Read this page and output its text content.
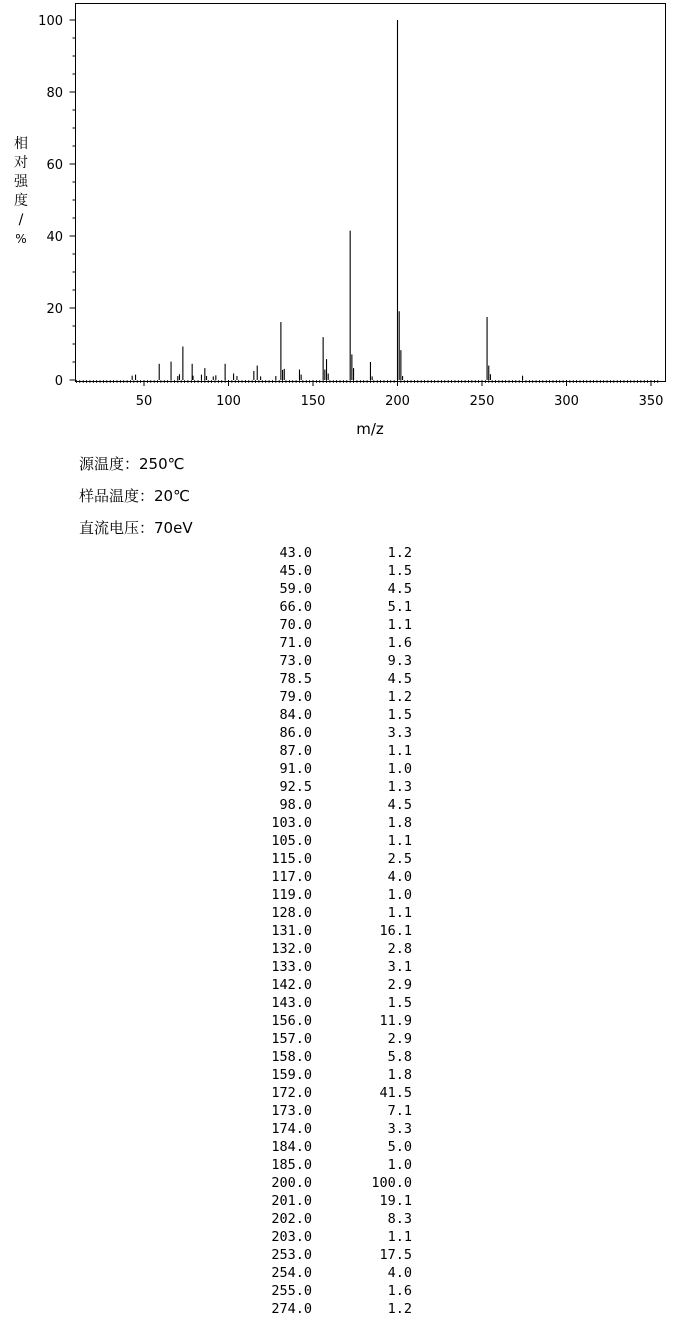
50	100	150	200	250	300	350
0
20
40
60
80
100
m/z
相对强度/ %
源温度：250℃
样品温度：20℃
直流电压：70eV
43.0	1.2
45.0	1.5
59.0	4.5
66.0	5.1
70.0	1.1
71.0	1.6
73.0	9.3
78.5	4.5
79.0	1.2
84.0	1.5
86.0	3.3
87.0	1.1
91.0	1.0
92.5	1.3
98.0	4.5
103.0	1.8
105.0	1.1
115.0	2.5
117.0	4.0
119.0	1.0
128.0	1.1
131.0	16.1
132.0	2.8
133.0	3.1
142.0	2.9
143.0	1.5
156.0	11.9
157.0	2.9
158.0	5.8
159.0	1.8
172.0	41.5
173.0	7.1
174.0	3.3
184.0	5.0
185.0	1.0
200.0	100.0
201.0	19.1
202.0	8.3
203.0	1.1
253.0	17.5
254.0	4.0
255.0	1.6
274.0	1.2
